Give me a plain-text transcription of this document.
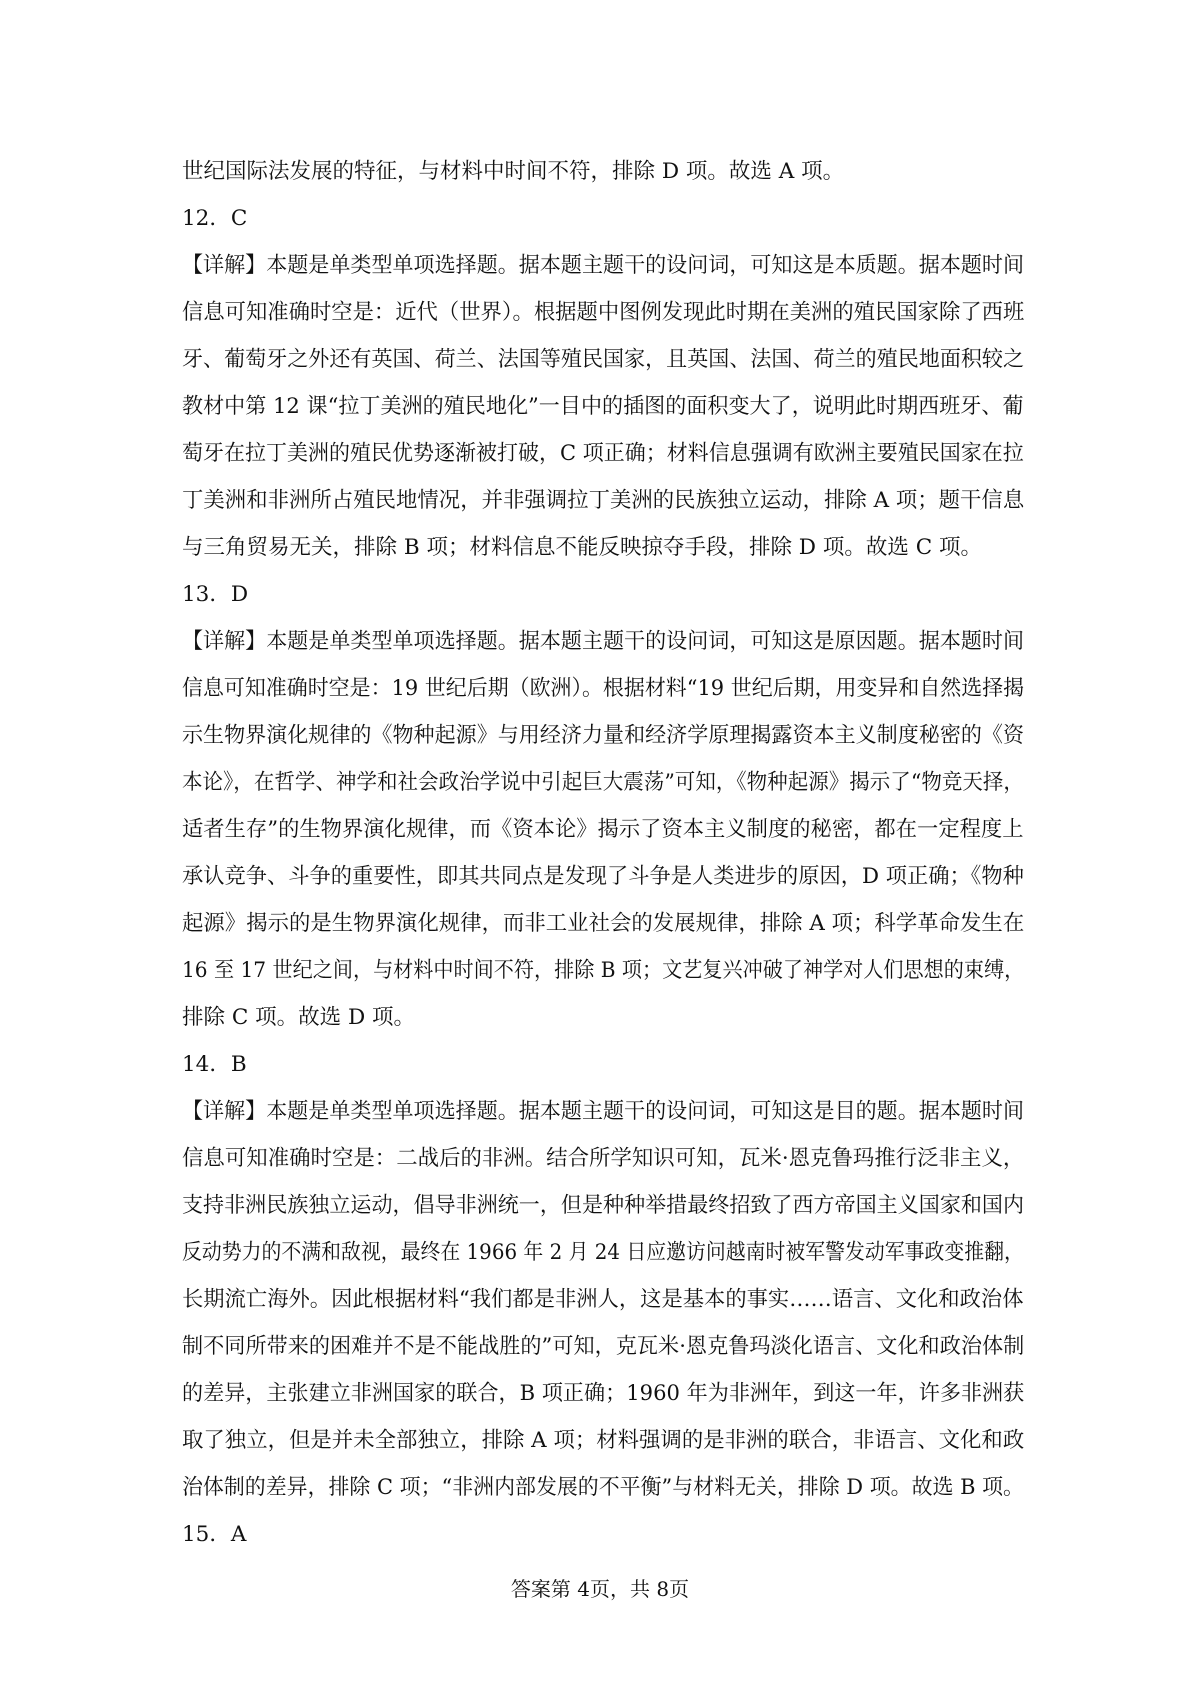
世纪国际法发展的特征，与材料中时间不符，排除 D 项。故选 A 项。
12．C
【详解】本题是单类型单项选择题。据本题主题干的设问词，可知这是本质题。据本题时间
信息可知准确时空是：近代（世界）。根据题中图例发现此时期在美洲的殖民国家除了西班
牙、葡萄牙之外还有英国、荷兰、法国等殖民国家，且英国、法国、荷兰的殖民地面积较之
教材中第 12 课“拉丁美洲的殖民地化”一目中的插图的面积变大了，说明此时期西班牙、葡
萄牙在拉丁美洲的殖民优势逐渐被打破，C 项正确；材料信息强调有欧洲主要殖民国家在拉
丁美洲和非洲所占殖民地情况，并非强调拉丁美洲的民族独立运动，排除 A 项；题干信息
与三角贸易无关，排除 B 项；材料信息不能反映掠夺手段，排除 D 项。故选 C 项。
13．D
【详解】本题是单类型单项选择题。据本题主题干的设问词，可知这是原因题。据本题时间
信息可知准确时空是：19 世纪后期（欧洲）。根据材料“19 世纪后期，用变异和自然选择揭
示生物界演化规律的《物种起源》与用经济力量和经济学原理揭露资本主义制度秘密的《资
本论》，在哲学、神学和社会政治学说中引起巨大震荡”可知，《物种起源》揭示了“物竞天择，
适者生存”的生物界演化规律，而《资本论》揭示了资本主义制度的秘密，都在一定程度上
承认竞争、斗争的重要性，即其共同点是发现了斗争是人类进步的原因，D 项正确；《物种
起源》揭示的是生物界演化规律，而非工业社会的发展规律，排除 A 项；科学革命发生在
16 至 17 世纪之间，与材料中时间不符，排除 B 项；文艺复兴冲破了神学对人们思想的束缚，
排除 C 项。故选 D 项。
14．B
【详解】本题是单类型单项选择题。据本题主题干的设问词，可知这是目的题。据本题时间
信息可知准确时空是：二战后的非洲。结合所学知识可知，瓦米·恩克鲁玛推行泛非主义，
支持非洲民族独立运动，倡导非洲统一，但是种种举措最终招致了西方帝国主义国家和国内
反动势力的不满和敌视，最终在 1966 年 2 月 24 日应邀访问越南时被军警发动军事政变推翻，
长期流亡海外。因此根据材料“我们都是非洲人，这是基本的事实……语言、文化和政治体
制不同所带来的困难并不是不能战胜的”可知，克瓦米·恩克鲁玛淡化语言、文化和政治体制
的差异，主张建立非洲国家的联合，B 项正确；1960 年为非洲年，到这一年，许多非洲获
取了独立，但是并未全部独立，排除 A 项；材料强调的是非洲的联合，非语言、文化和政
治体制的差异，排除 C 项；“非洲内部发展的不平衡”与材料无关，排除 D 项。故选 B 项。
15．A
答案第 4页，共 8页
